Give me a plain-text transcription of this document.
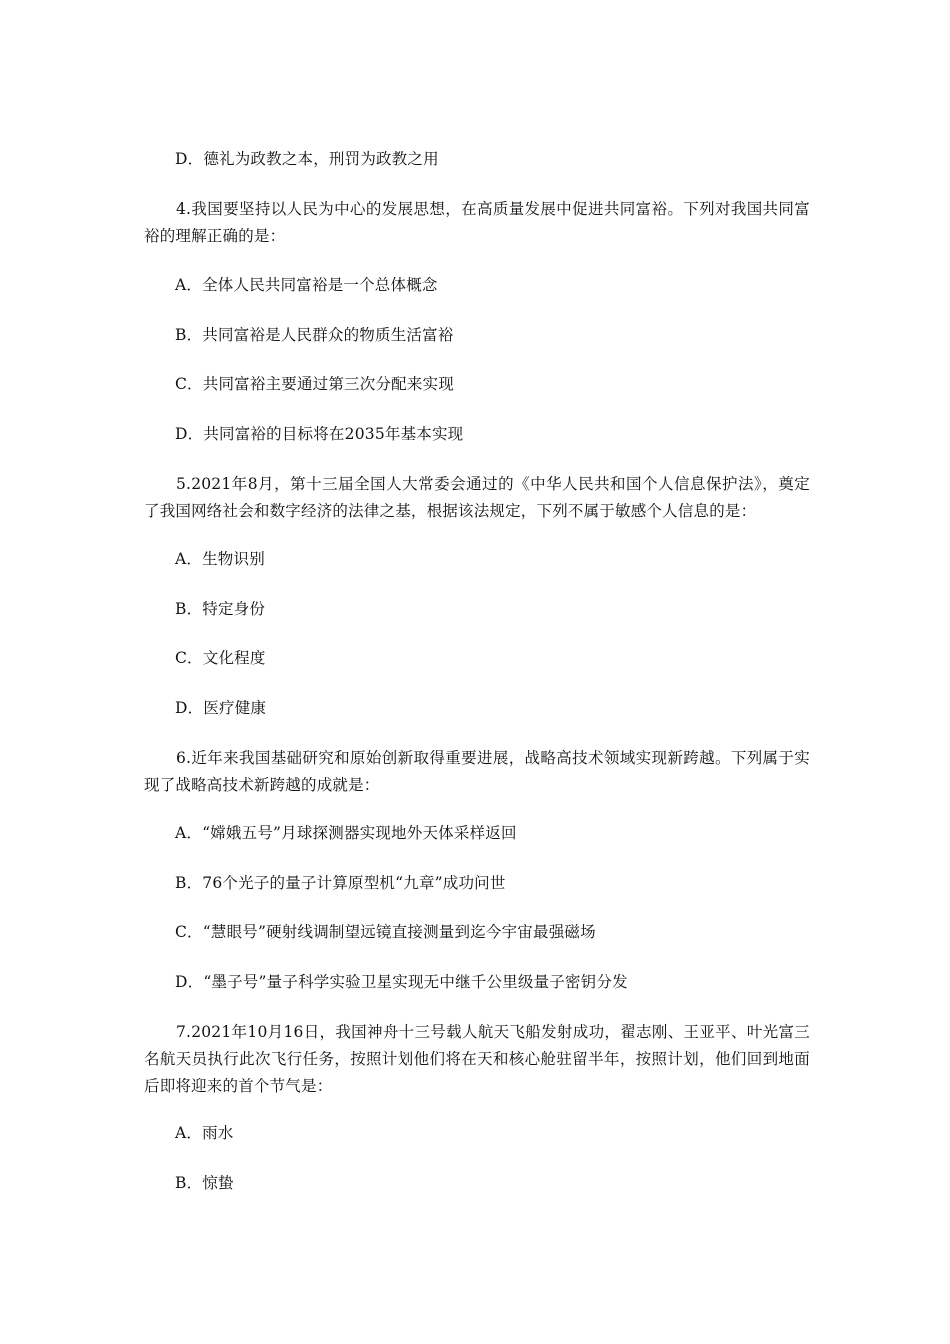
D．德礼为政教之本，刑罚为政教之用
4.我国要坚持以人民为中心的发展思想，在高质量发展中促进共同富裕。下列对我国共同富裕的理解正确的是：
A．全体人民共同富裕是一个总体概念
B．共同富裕是人民群众的物质生活富裕
C．共同富裕主要通过第三次分配来实现
D．共同富裕的目标将在2035年基本实现
5.2021年8月，第十三届全国人大常委会通过的《中华人民共和国个人信息保护法》，奠定了我国网络社会和数字经济的法律之基，根据该法规定，下列不属于敏感个人信息的是：
A．生物识别
B．特定身份
C．文化程度
D．医疗健康
6.近年来我国基础研究和原始创新取得重要进展，战略高技术领域实现新跨越。下列属于实现了战略高技术新跨越的成就是：
A．“嫦娥五号”月球探测器实现地外天体采样返回
B．76个光子的量子计算原型机“九章”成功问世
C．“慧眼号”硬射线调制望远镜直接测量到迄今宇宙最强磁场
D．“墨子号”量子科学实验卫星实现无中继千公里级量子密钥分发
7.2021年10月16日，我国神舟十三号载人航天飞船发射成功，翟志刚、王亚平、叶光富三名航天员执行此次飞行任务，按照计划他们将在天和核心舱驻留半年，按照计划，他们回到地面后即将迎来的首个节气是：
A．雨水
B．惊蛰
